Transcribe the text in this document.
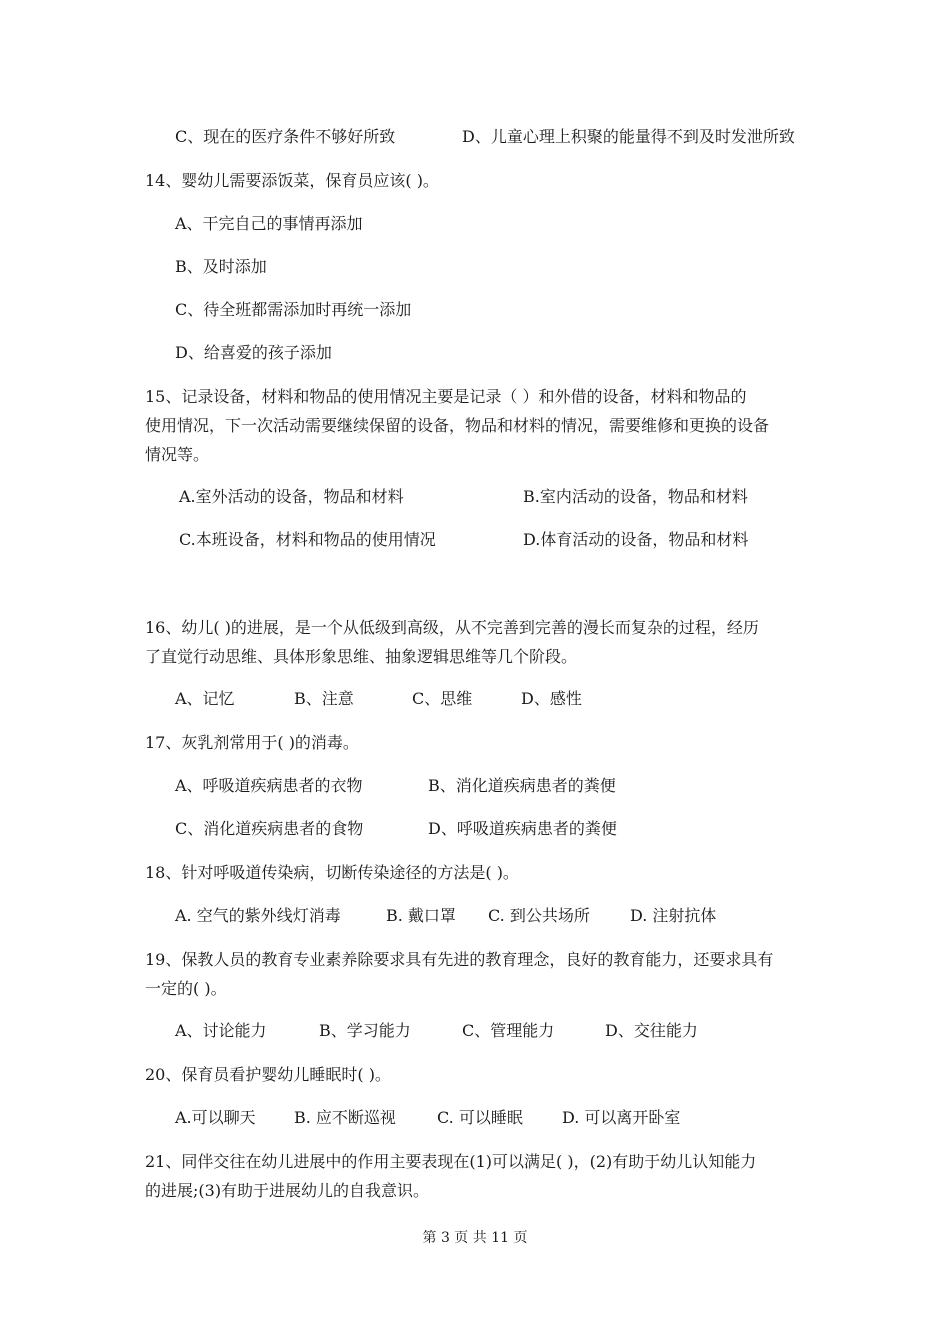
C、现在的医疗条件不够好所致	D、儿童心理上积聚的能量得不到及时发泄所致
14、婴幼儿需要添饭菜，保育员应该( )。
A、干完自己的事情再添加
B、及时添加
C、待全班都需添加时再统一添加
D、给喜爱的孩子添加
15、记录设备，材料和物品的使用情况主要是记录（ ）和外借的设备，材料和物品的
使用情况，下一次活动需要继续保留的设备，物品和材料的情况，需要维修和更换的设备
情况等。
A.室外活动的设备，物品和材料	B.室内活动的设备，物品和材料
C.本班设备，材料和物品的使用情况	D.体育活动的设备，物品和材料
16、幼儿( )的进展，是一个从低级到高级，从不完善到完善的漫长而复杂的过程，经历
了直觉行动思维、具体形象思维、抽象逻辑思维等几个阶段。
A、记忆	B、注意	C、思维	D、感性
17、灰乳剂常用于( )的消毒。
A、呼吸道疾病患者的衣物	B、消化道疾病患者的粪便
C、消化道疾病患者的食物	D、呼吸道疾病患者的粪便
18、针对呼吸道传染病，切断传染途径的方法是( )。
A. 空气的紫外线灯消毒	B. 戴口罩 C. 到公共场所	D. 注射抗体
19、保教人员的教育专业素养除要求具有先进的教育理念，良好的教育能力，还要求具有
一定的( )。
A、讨论能力	B、学习能力	C、管理能力	D、交往能力
20、保育员看护婴幼儿睡眠时( )。
A.可以聊天 B. 应不断巡视	C. 可以睡眠 D. 可以离开卧室
21、同伴交往在幼儿进展中的作用主要表现在(1)可以满足( )，(2)有助于幼儿认知能力
的进展;(3)有助于进展幼儿的自我意识。
第 3 页 共 11 页
